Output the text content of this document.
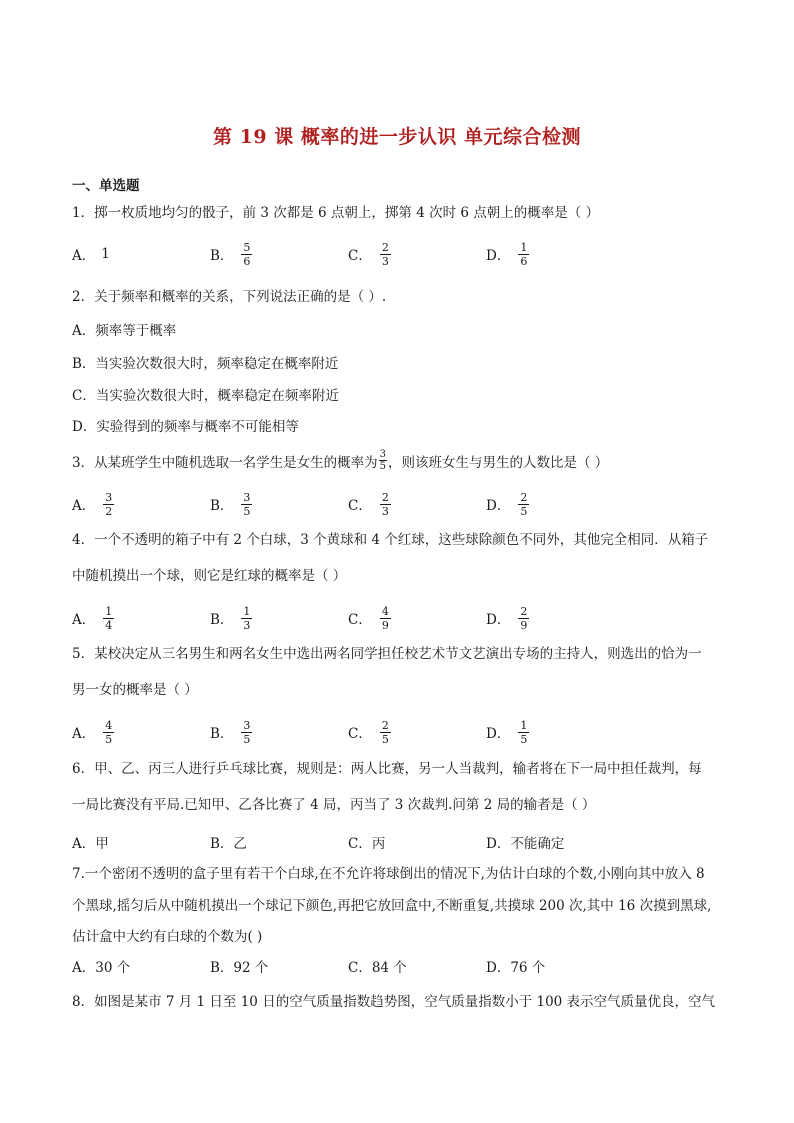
第 19 课 概率的进一步认识 单元综合检测
一、单选题
1．掷一枚质地均匀的骰子，前 3 次都是 6 点朝上，掷第 4 次时 6 点朝上的概率是（ ）
A． 1	B． $\frac{5}{6}$	C． $\frac{2}{3}$	D． $\frac{1}{6}$
2．关于频率和概率的关系，下列说法正确的是（ ）.
A．频率等于概率
B．当实验次数很大时，频率稳定在概率附近
C．当实验次数很大时，概率稳定在频率附近
D．实验得到的频率与概率不可能相等
3．从某班学生中随机选取一名学生是女生的概率为 $\frac{3}{5}$ ，则该班女生与男生的人数比是（ ）
A． $\frac{3}{2}$	B． $\frac{3}{5}$	C． $\frac{2}{3}$	D． $\frac{2}{5}$
4．一个不透明的箱子中有 2 个白球，3 个黄球和 4 个红球，这些球除颜色不同外，其他完全相同．从箱子
中随机摸出一个球，则它是红球的概率是（ ）
A． $\frac{1}{4}$	B． $\frac{1}{3}$	C． $\frac{4}{9}$	D． $\frac{2}{9}$
5．某校决定从三名男生和两名女生中选出两名同学担任校艺术节文艺演出专场的主持人，则选出的恰为一
男一女的概率是（ ）
A． $\frac{4}{5}$	B． $\frac{3}{5}$	C． $\frac{2}{5}$	D． $\frac{1}{5}$
6．甲、乙、丙三人进行乒乓球比赛，规则是：两人比赛，另一人当裁判，输者将在下一局中担任裁判，每
一局比赛没有平局.已知甲、乙各比赛了 4 局，丙当了 3 次裁判.问第 2 局的输者是（ ）
A．甲	B．乙	C．丙	D．不能确定
7.一个密闭不透明的盒子里有若干个白球,在不允许将球倒出的情况下,为估计白球的个数,小刚向其中放入 8
个黑球,摇匀后从中随机摸出一个球记下颜色,再把它放回盒中,不断重复,共摸球 200 次,其中 16 次摸到黑球,
估计盒中大约有白球的个数为( )
A．30 个	B．92 个	C．84 个	D．76 个
8．如图是某市 7 月 1 日至 10 日的空气质量指数趋势图，空气质量指数小于 100 表示空气质量优良，空气
